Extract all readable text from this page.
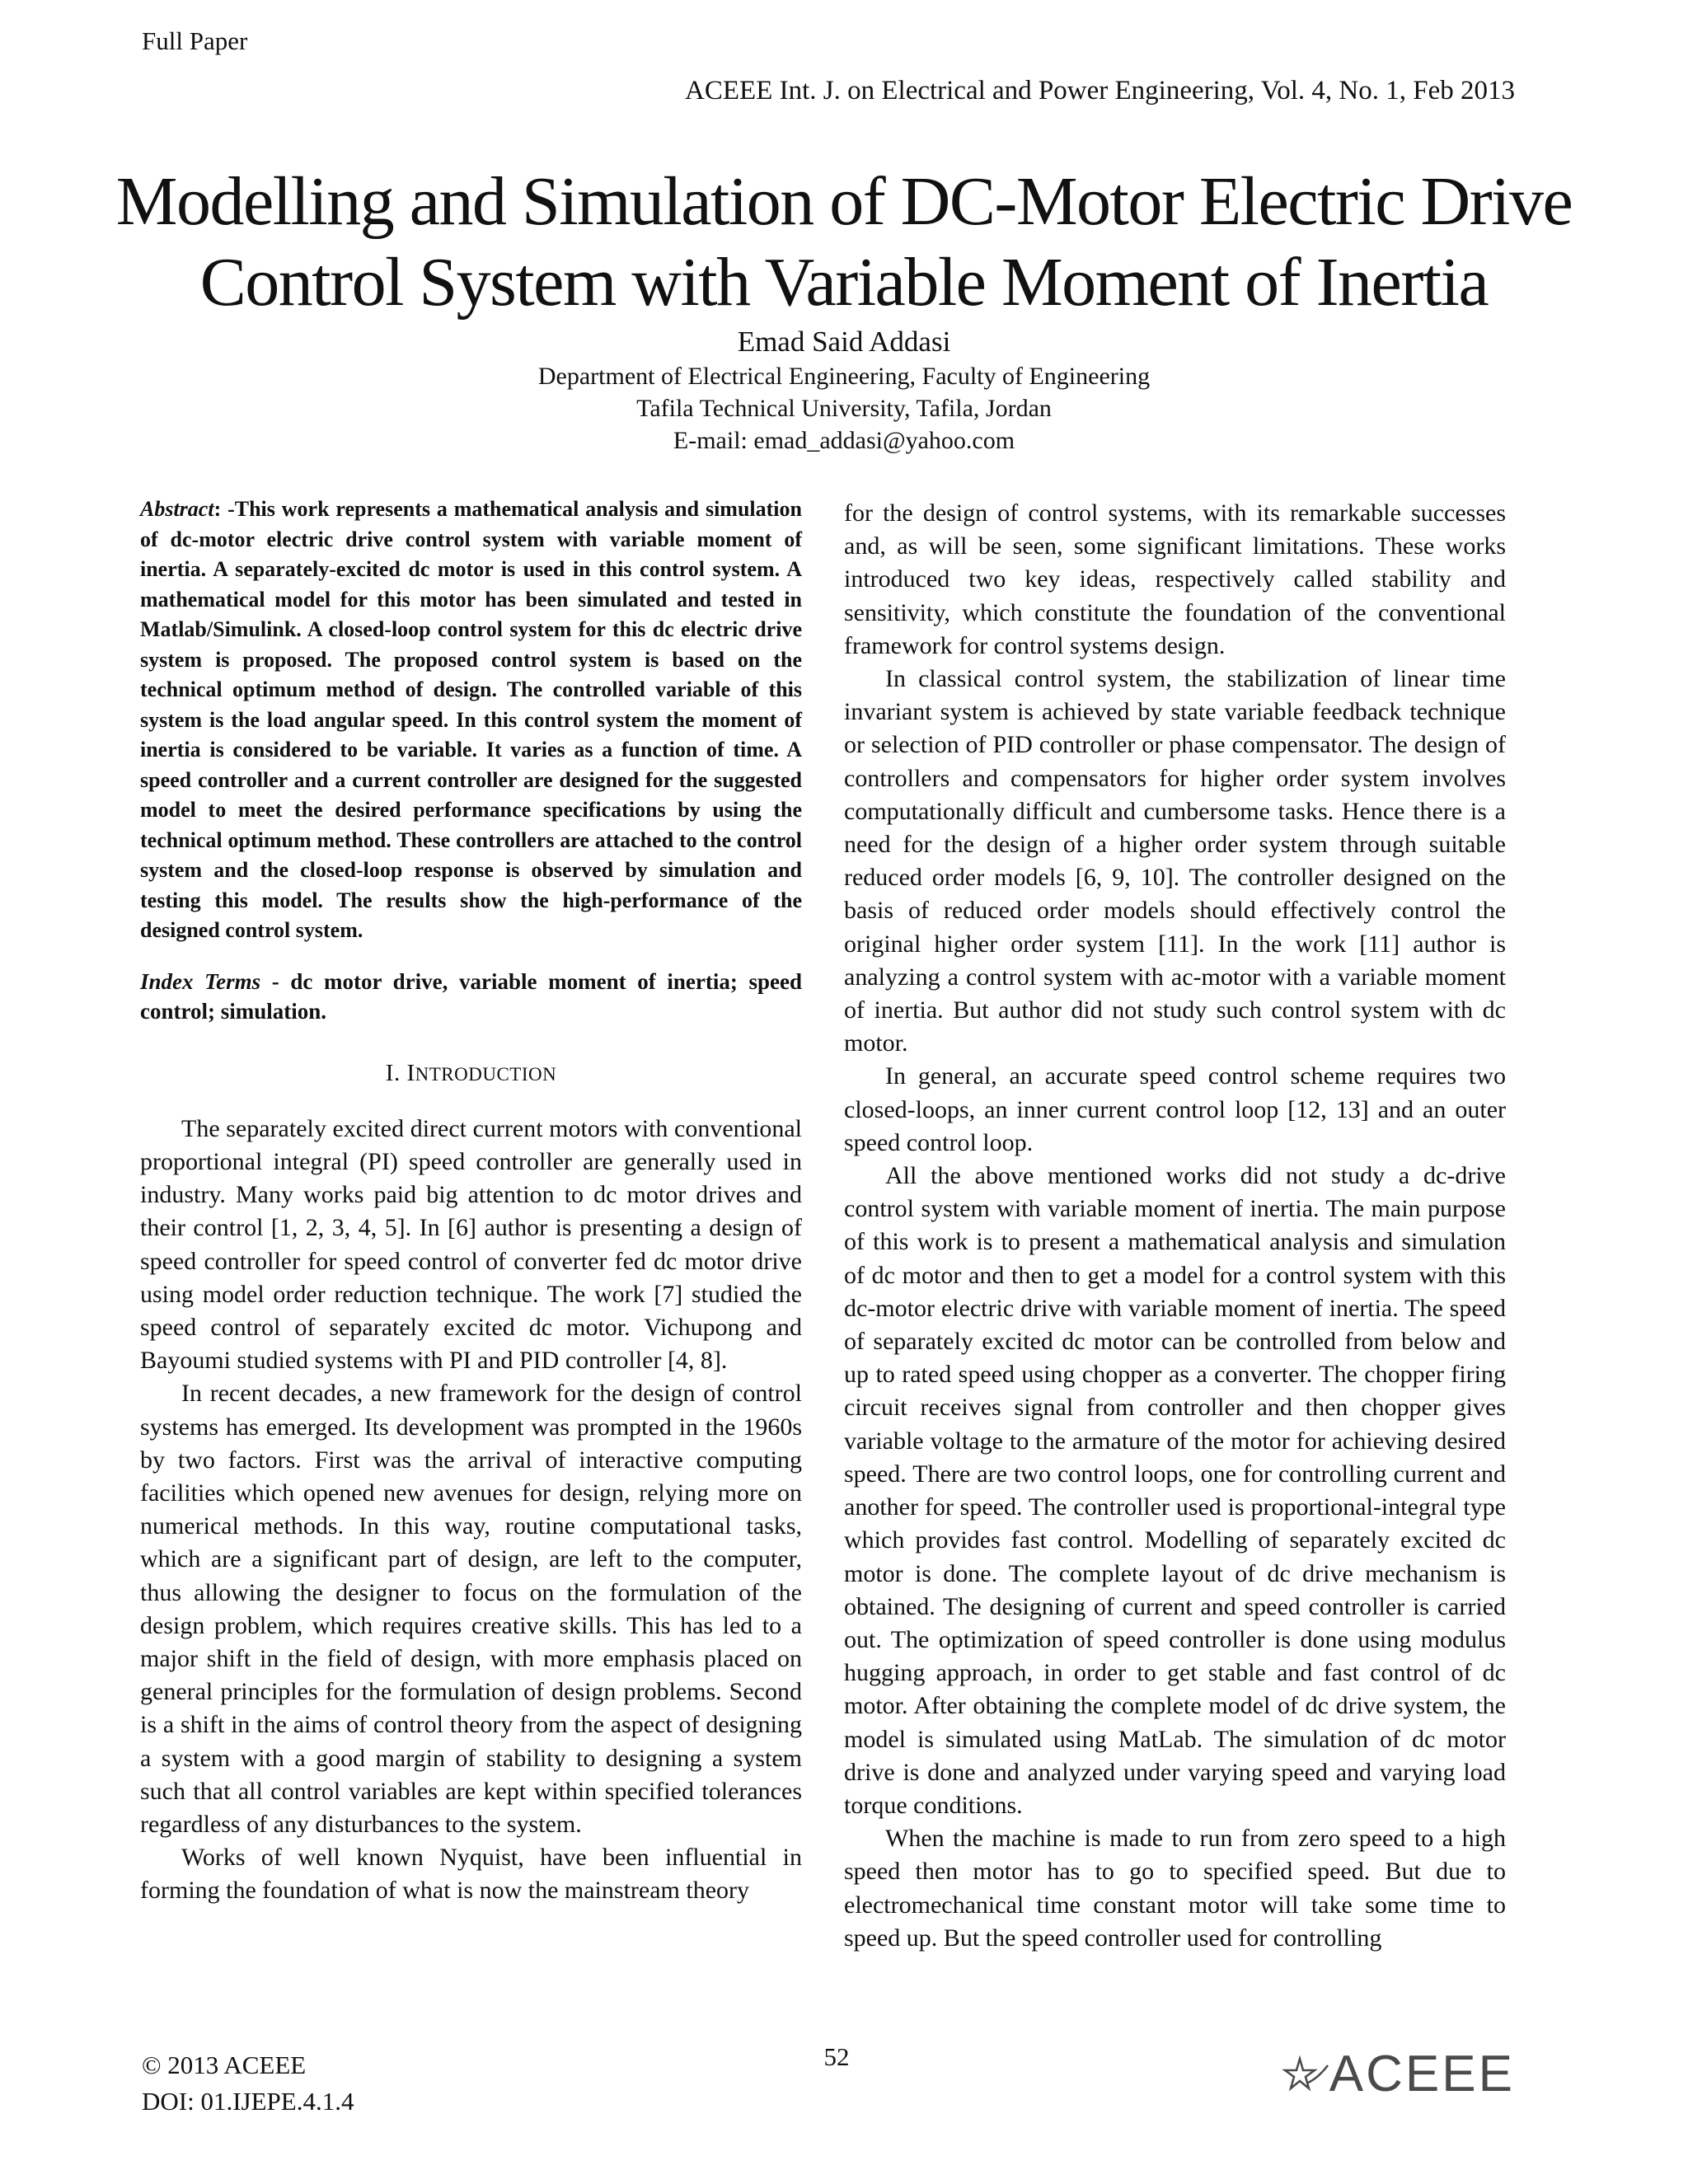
Full Paper
ACEEE Int. J. on Electrical and Power Engineering, Vol. 4, No. 1, Feb 2013
Modelling and Simulation of DC-Motor Electric Drive
Control System with Variable Moment of Inertia
Emad Said Addasi
Department of Electrical Engineering, Faculty of Engineering
Tafila Technical University, Tafila, Jordan
E-mail: emad_addasi@yahoo.com

Abstract: -This work represents a mathematical analysis and simulation of dc-motor electric drive control system with variable moment of inertia. A separately-excited dc motor is used in this control system. A mathematical model for this motor has been simulated and tested in Matlab/Simulink. A closed-loop control system for this dc electric drive system is proposed. The proposed control system is based on the technical optimum method of design. The controlled variable of this system is the load angular speed. In this control system the moment of inertia is considered to be variable. It varies as a function of time. A speed controller and a current controller are designed for the suggested model to meet the desired performance specifications by using the technical optimum method. These controllers are attached to the control system and the closed-loop response is observed by simulation and testing this model. The results show the high-performance of the designed control system.

Index Terms - dc motor drive, variable moment of inertia; speed control; simulation.
I. INTRODUCTION

The separately excited direct current motors with conventional proportional integral (PI) speed controller are generally used in industry. Many works paid big attention to dc motor drives and their control [1, 2, 3, 4, 5]. In [6] author is presenting a design of speed controller for speed control of converter fed dc motor drive using model order reduction technique. The work [7] studied the speed control of separately excited dc motor. Vichupong and Bayoumi studied systems with PI and PID controller [4, 8].

In recent decades, a new framework for the design of control systems has emerged. Its development was prompted in the 1960s by two factors. First was the arrival of interactive computing facilities which opened new avenues for design, relying more on numerical methods. In this way, routine computational tasks, which are a significant part of design, are left to the computer, thus allowing the designer to focus on the formulation of the design problem, which requires creative skills. This has led to a major shift in the field of design, with more emphasis placed on general principles for the formulation of design problems. Second is a shift in the aims of control theory from the aspect of designing a system with a good margin of stability to designing a system such that all control variables are kept within specified tolerances regardless of any disturbances to the system.

Works of well known Nyquist, have been influential in forming the foundation of what is now the mainstream theory

for the design of control systems, with its remarkable successes and, as will be seen, some significant limitations. These works introduced two key ideas, respectively called stability and sensitivity, which constitute the foundation of the conventional framework for control systems design.

In classical control system, the stabilization of linear time invariant system is achieved by state variable feedback technique or selection of PID controller or phase compensator. The design of controllers and compensators for higher order system involves computationally difficult and cumbersome tasks. Hence there is a need for the design of a higher order system through suitable reduced order models [6, 9, 10]. The controller designed on the basis of reduced order models should effectively control the original higher order system [11]. In the work [11] author is analyzing a control system with ac-motor with a variable moment of inertia. But author did not study such control system with dc motor.

In general, an accurate speed control scheme requires two closed-loops, an inner current control loop [12, 13] and an outer speed control loop.

All the above mentioned works did not study a dc-drive control system with variable moment of inertia. The main purpose of this work is to present a mathematical analysis and simulation of dc motor and then to get a model for a control system with this dc-motor electric drive with variable moment of inertia. The speed of separately excited dc motor can be controlled from below and up to rated speed using chopper as a converter. The chopper firing circuit receives signal from controller and then chopper gives variable voltage to the armature of the motor for achieving desired speed. There are two control loops, one for controlling current and another for speed. The controller used is proportional-integral type which provides fast control. Modelling of separately excited dc motor is done. The complete layout of dc drive mechanism is obtained. The designing of current and speed controller is carried out. The optimization of speed controller is done using modulus hugging approach, in order to get stable and fast control of dc motor. After obtaining the complete model of dc drive system, the model is simulated using MatLab. The simulation of dc motor drive is done and analyzed under varying speed and varying load torque conditions.

When the machine is made to run from zero speed to a high speed then motor has to go to specified speed. But due to electromechanical time constant motor will take some time to speed up. But the speed controller used for controlling

© 2013 ACEEE
DOI: 01.IJEPE.4.1.4
52	ACEEE
